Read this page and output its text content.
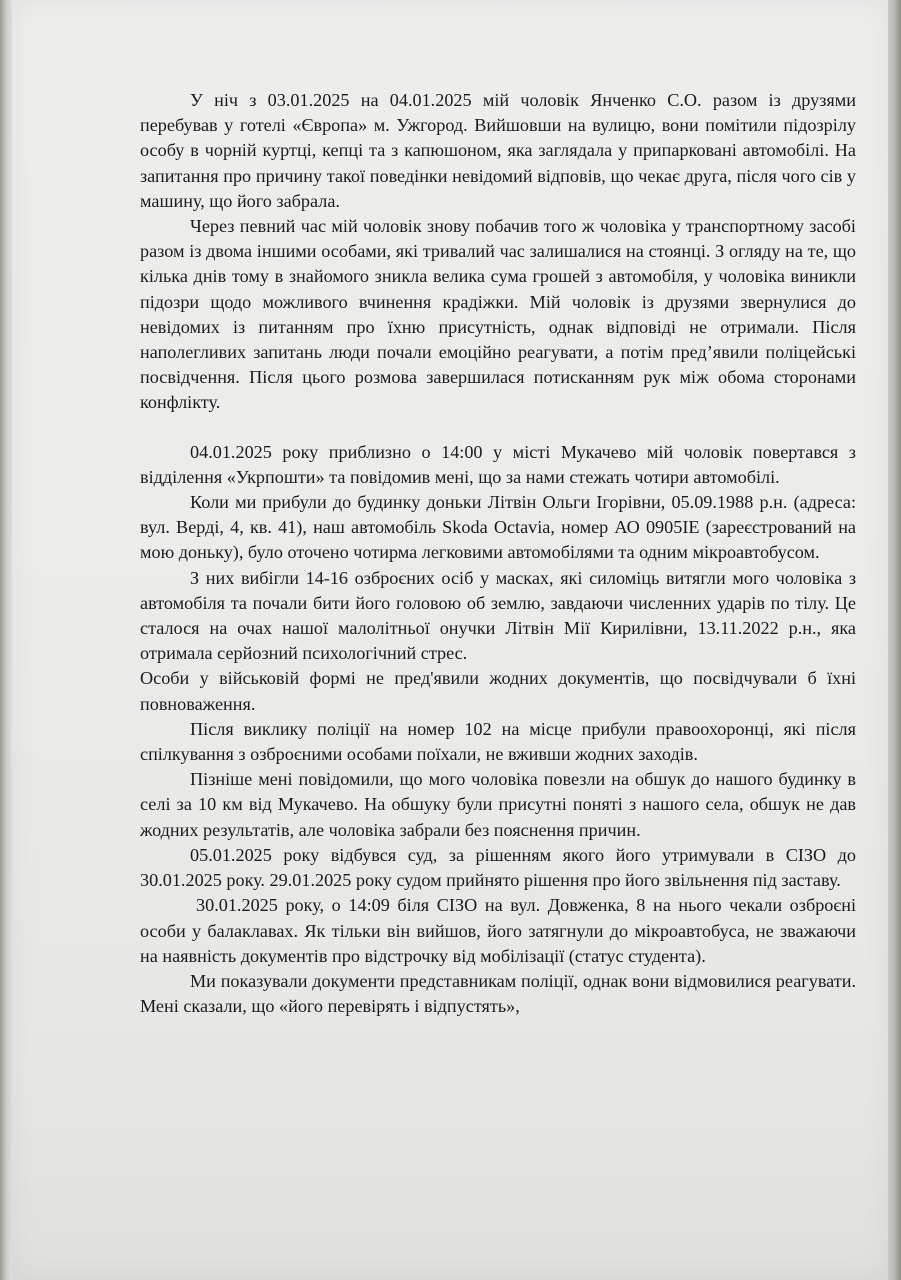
У ніч з 03.01.2025 на 04.01.2025 мій чоловік Янченко С.О. разом із друзями перебував у готелі «Європа» м. Ужгород. Вийшовши на вулицю, вони помітили підозрілу особу в чорній куртці, кепці та з капюшоном, яка заглядала у припарковані автомобілі. На запитання про причину такої поведінки невідомий відповів, що чекає друга, після чого сів у машину, що його забрала.

Через певний час мій чоловік знову побачив того ж чоловіка у транспортному засобі разом із двома іншими особами, які тривалий час залишалися на стоянці. З огляду на те, що кілька днів тому в знайомого зникла велика сума грошей з автомобіля, у чоловіка виникли підозри щодо можливого вчинення крадіжки. Мій чоловік із друзями звернулися до невідомих із питанням про їхню присутність, однак відповіді не отримали. Після наполегливих запитань люди почали емоційно реагувати, а потім пред’явили поліцейські посвідчення. Після цього розмова завершилася потисканням рук між обома сторонами конфлікту.

04.01.2025 року приблизно о 14:00 у місті Мукачево мій чоловік повертався з відділення «Укрпошти» та повідомив мені, що за нами стежать чотири автомобілі.

Коли ми прибули до будинку доньки Літвін Ольги Ігорівни, 05.09.1988 р.н. (адреса: вул. Верді, 4, кв. 41), наш автомобіль Skoda Octavia, номер АО 0905ІЕ (зареєстрований на мою доньку), було оточено чотирма легковими автомобілями та одним мікроавтобусом.

З них вибігли 14-16 озброєних осіб у масках, які силоміць витягли мого чоловіка з автомобіля та почали бити його головою об землю, завдаючи численних ударів по тілу. Це сталося на очах нашої малолітньої онучки Літвін Мії Кирилівни, 13.11.2022 р.н., яка отримала серйозний психологічний стрес.

Особи у військовій формі не пред'явили жодних документів, що посвідчували б їхні повноваження.

Після виклику поліції на номер 102 на місце прибули правоохоронці, які після спілкування з озброєними особами поїхали, не вживши жодних заходів.

Пізніше мені повідомили, що мого чоловіка повезли на обшук до нашого будинку в селі за 10 км від Мукачево. На обшуку були присутні поняті з нашого села, обшук не дав жодних результатів, але чоловіка забрали без пояснення причин.

05.01.2025 року відбувся суд, за рішенням якого його утримували в СІЗО до 30.01.2025 року. 29.01.2025 року судом прийнято рішення про його звільнення під заставу.

30.01.2025 року, о 14:09 біля СІЗО на вул. Довженка, 8 на нього чекали озброєні особи у балаклавах. Як тільки він вийшов, його затягнули до мікроавтобуса, не зважаючи на наявність документів про відстрочку від мобілізації (статус студента).

Ми показували документи представникам поліції, однак вони відмовилися реагувати. Мені сказали, що «його перевірять і відпустять»,
